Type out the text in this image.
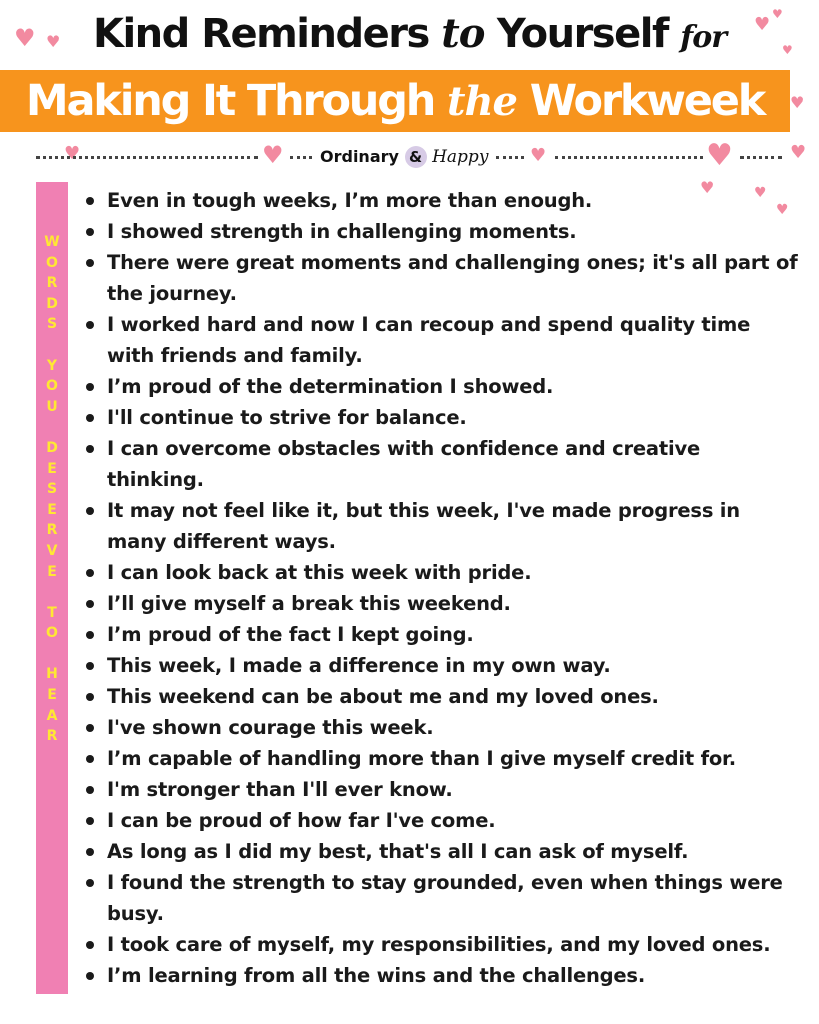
♥ ♥
♥ ♥
♥
♥
♥	♥	♥	♥	♥
♥	♥
♥
Kind Reminders to Yourself for
Making It Through the Workweek
Ordinary & Happy
W
O
R
D
S
Y
O
U
D
E
S
E
R
V
E
T
O
H
E
A
R
Even in tough weeks, I’m more than enough.
I showed strength in challenging moments.
There were great moments and challenging ones; it's all part of the journey.
I worked hard and now I can recoup and spend quality time with friends and family.
I’m proud of the determination I showed.
I'll continue to strive for balance.
I can overcome obstacles with confidence and creative thinking.
It may not feel like it, but this week, I've made progress in many different ways.
I can look back at this week with pride.
I’ll give myself a break this weekend.
I’m proud of the fact I kept going.
This week, I made a difference in my own way.
This weekend can be about me and my loved ones.
I've shown courage this week.
I’m capable of handling more than I give myself credit for.
I'm stronger than I'll ever know.
I can be proud of how far I've come.
As long as I did my best, that's all I can ask of myself.
I found the strength to stay grounded, even when things were busy.
I took care of myself, my responsibilities, and my loved ones.
I’m learning from all the wins and the challenges.
